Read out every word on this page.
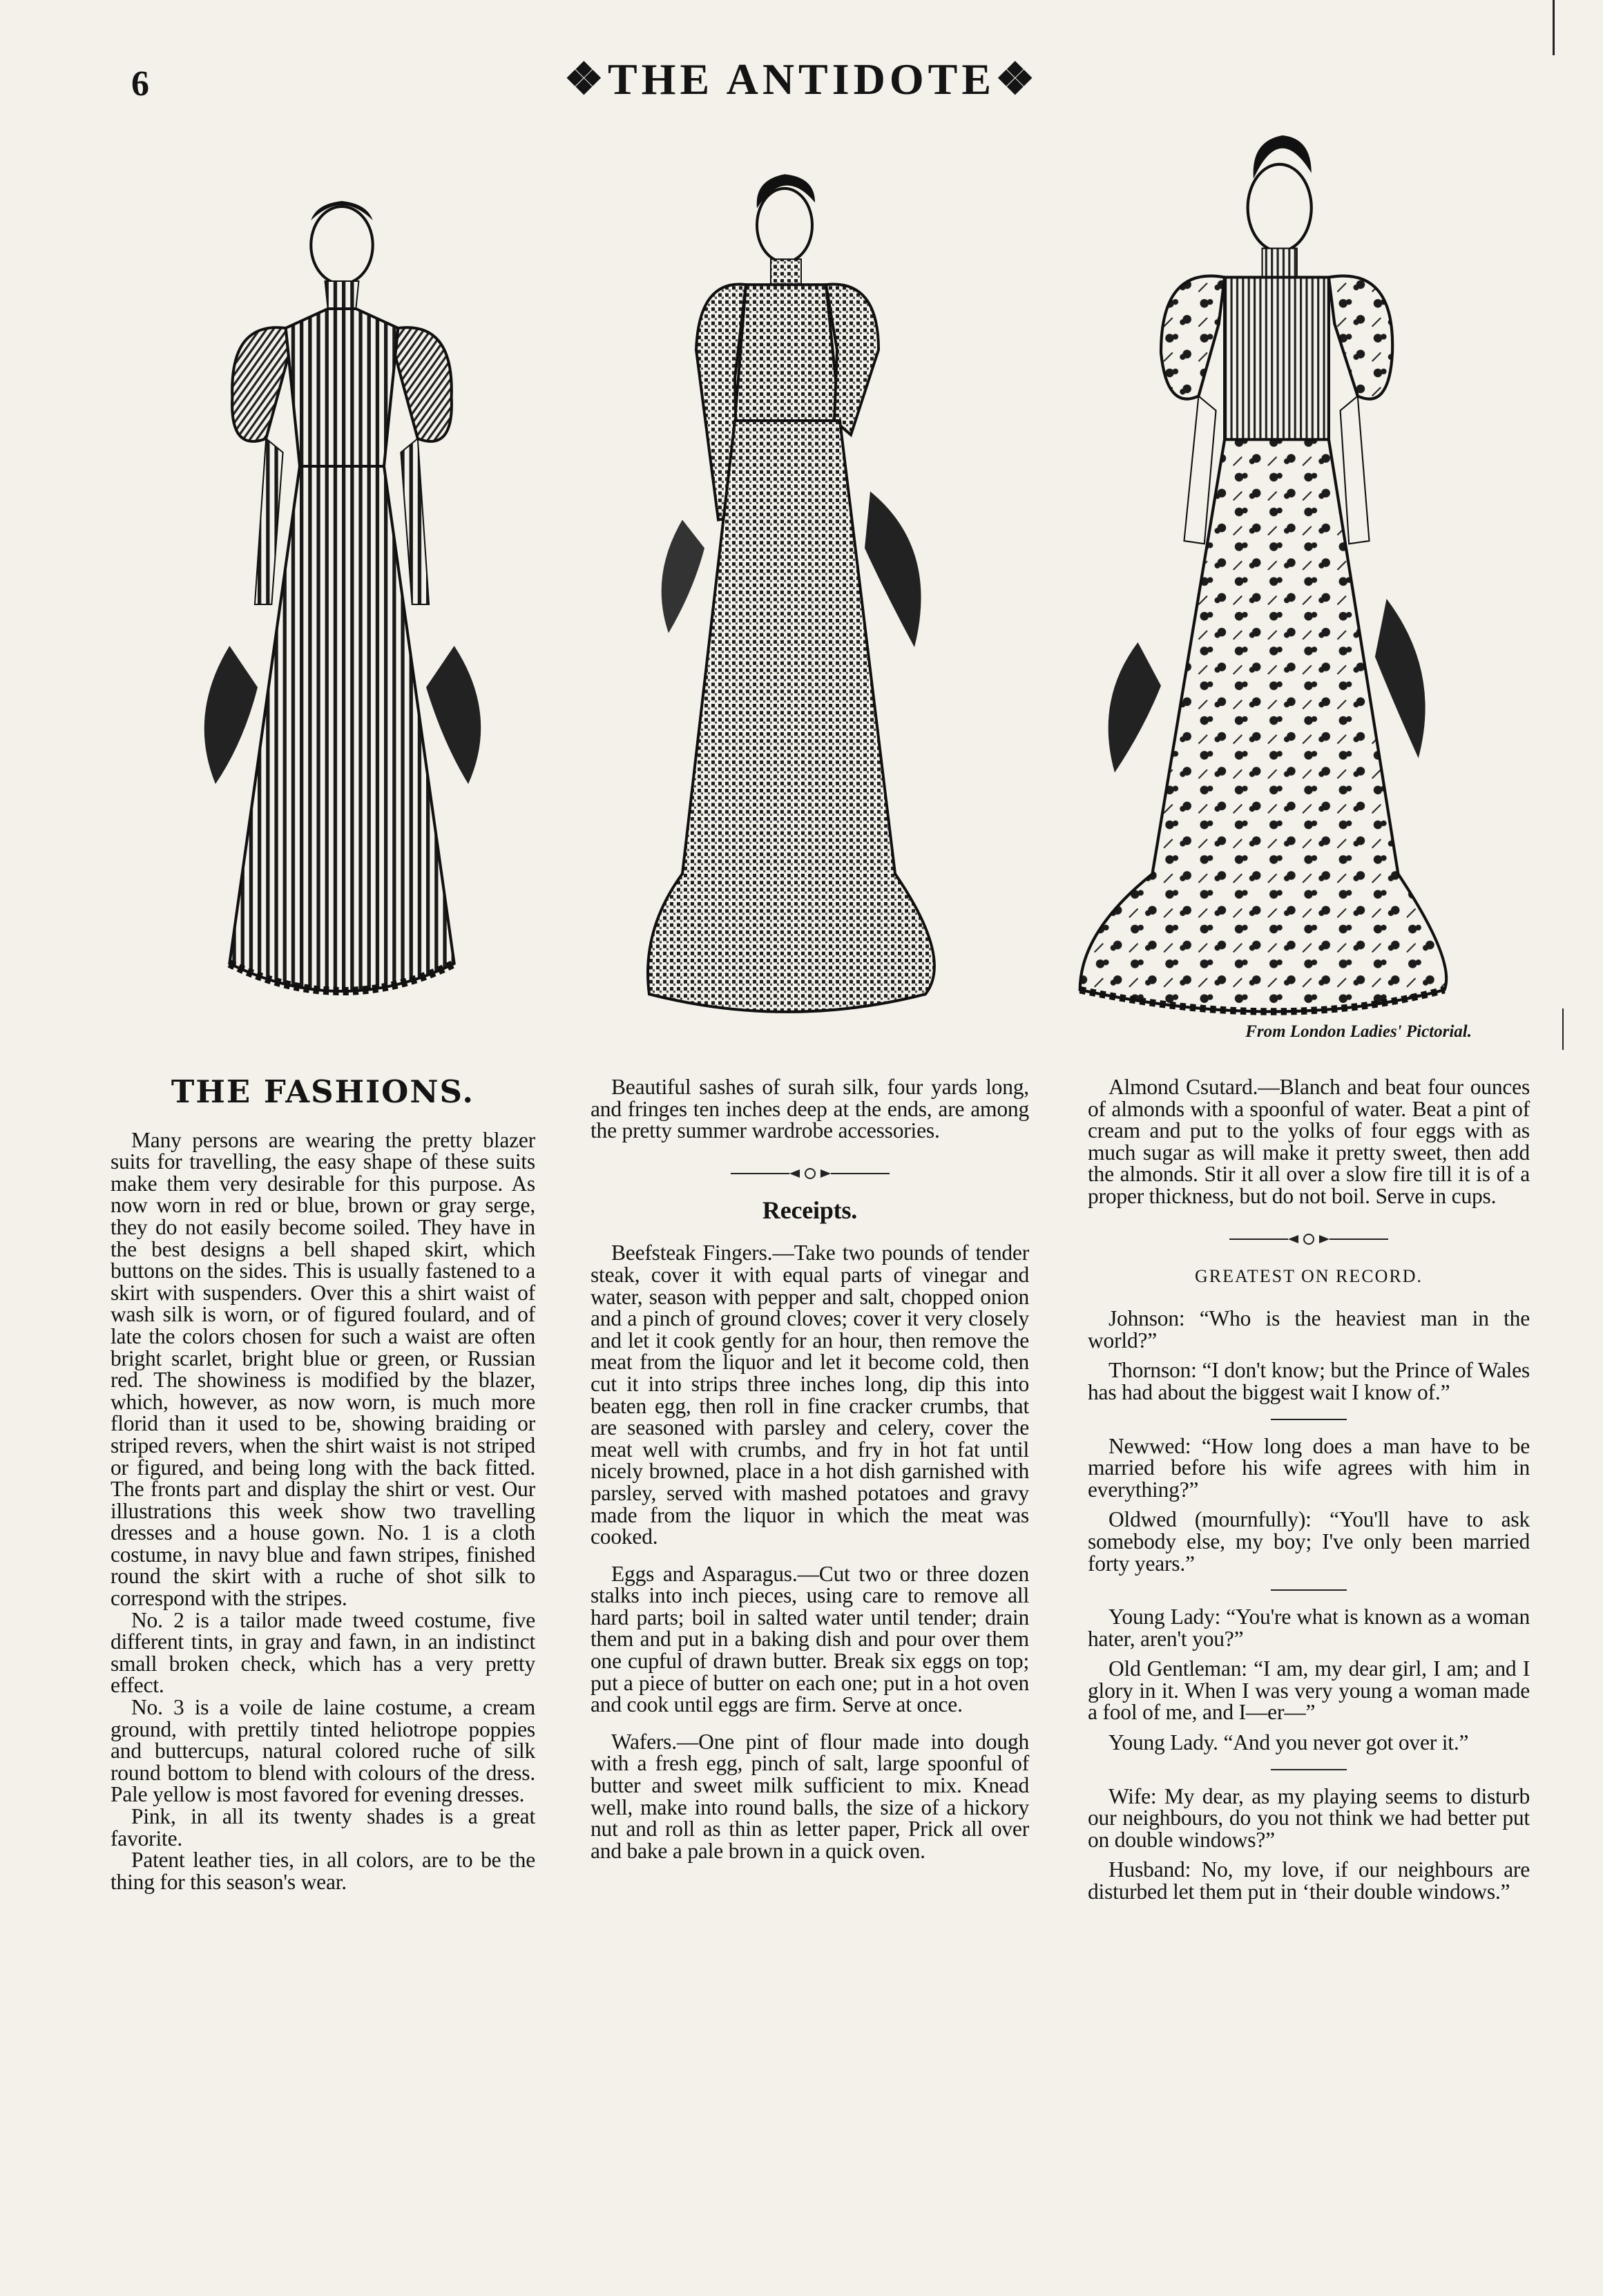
6	❖THE ANTIDOTE❖
From London Ladies' Pictorial.
THE FASHIONS.

Many persons are wearing the pretty blazer suits for travelling, the easy shape of these suits make them very desirable for this purpose. As now worn in red or blue, brown or gray serge, they do not easily become soiled. They have in the best designs a bell shaped skirt, which buttons on the sides. This is usually fastened to a skirt with suspenders. Over this a shirt waist of wash silk is worn, or of figured foulard, and of late the colors chosen for such a waist are often bright scarlet, bright blue or green, or Russian red. The showiness is modified by the blazer, which, however, as now worn, is much more florid than it used to be, showing braiding or striped revers, when the shirt waist is not striped or figured, and being long with the back fitted. The fronts part and display the shirt or vest. Our illustrations this week show two travelling dresses and a house gown. No. 1 is a cloth costume, in navy blue and fawn stripes, finished round the skirt with a ruche of shot silk to correspond with the stripes.

No. 2 is a tailor made tweed costume, five different tints, in gray and fawn, in an indistinct small broken check, which has a very pretty effect.

No. 3 is a voile de laine costume, a cream ground, with prettily tinted heliotrope poppies and buttercups, natural colored ruche of silk round bottom to blend with colours of the dress. Pale yellow is most favored for evening dresses.

Pink, in all its twenty shades is a great favorite.

Patent leather ties, in all colors, are to be the thing for this season's wear.

Beautiful sashes of surah silk, four yards long, and fringes ten inches deep at the ends, are among the pretty summer wardrobe accessories.

Receipts.

Beefsteak Fingers.—Take two pounds of tender steak, cover it with equal parts of vinegar and water, season with pepper and salt, chopped onion and a pinch of ground cloves; cover it very closely and let it cook gently for an hour, then remove the meat from the liquor and let it become cold, then cut it into strips three inches long, dip this into beaten egg, then roll in fine cracker crumbs, that are seasoned with parsley and celery, cover the meat well with crumbs, and fry in hot fat until nicely browned, place in a hot dish garnished with parsley, served with mashed potatoes and gravy made from the liquor in which the meat was cooked.

Eggs and Asparagus.—Cut two or three dozen stalks into inch pieces, using care to remove all hard parts; boil in salted water until tender; drain them and put in a baking dish and pour over them one cupful of drawn butter. Break six eggs on top; put a piece of butter on each one; put in a hot oven and cook until eggs are firm. Serve at once.

Wafers.—One pint of flour made into dough with a fresh egg, pinch of salt, large spoonful of butter and sweet milk sufficient to mix. Knead well, make into round balls, the size of a hickory nut and roll as thin as letter paper, Prick all over and bake a pale brown in a quick oven.

Almond Csutard.—Blanch and beat four ounces of almonds with a spoonful of water. Beat a pint of cream and put to the yolks of four eggs with as much sugar as will make it pretty sweet, then add the almonds. Stir it all over a slow fire till it is of a proper thickness, but do not boil. Serve in cups.

GREATEST ON RECORD.

Johnson: “Who is the heaviest man in the world?”

Thornson: “I don't know; but the Prince of Wales has had about the biggest wait I know of.”

Newwed: “How long does a man have to be married before his wife agrees with him in everything?”

Oldwed (mournfully): “You'll have to ask somebody else, my boy; I've only been married forty years.”

Young Lady: “You're what is known as a woman hater, aren't you?”

Old Gentleman: “I am, my dear girl, I am; and I glory in it. When I was very young a woman made a fool of me, and I—er—”

Young Lady. “And you never got over it.”

Wife: My dear, as my playing seems to disturb our neighbours, do you not think we had better put on double windows?”

Husband: No, my love, if our neighbours are disturbed let them put in ‘their double windows.”
